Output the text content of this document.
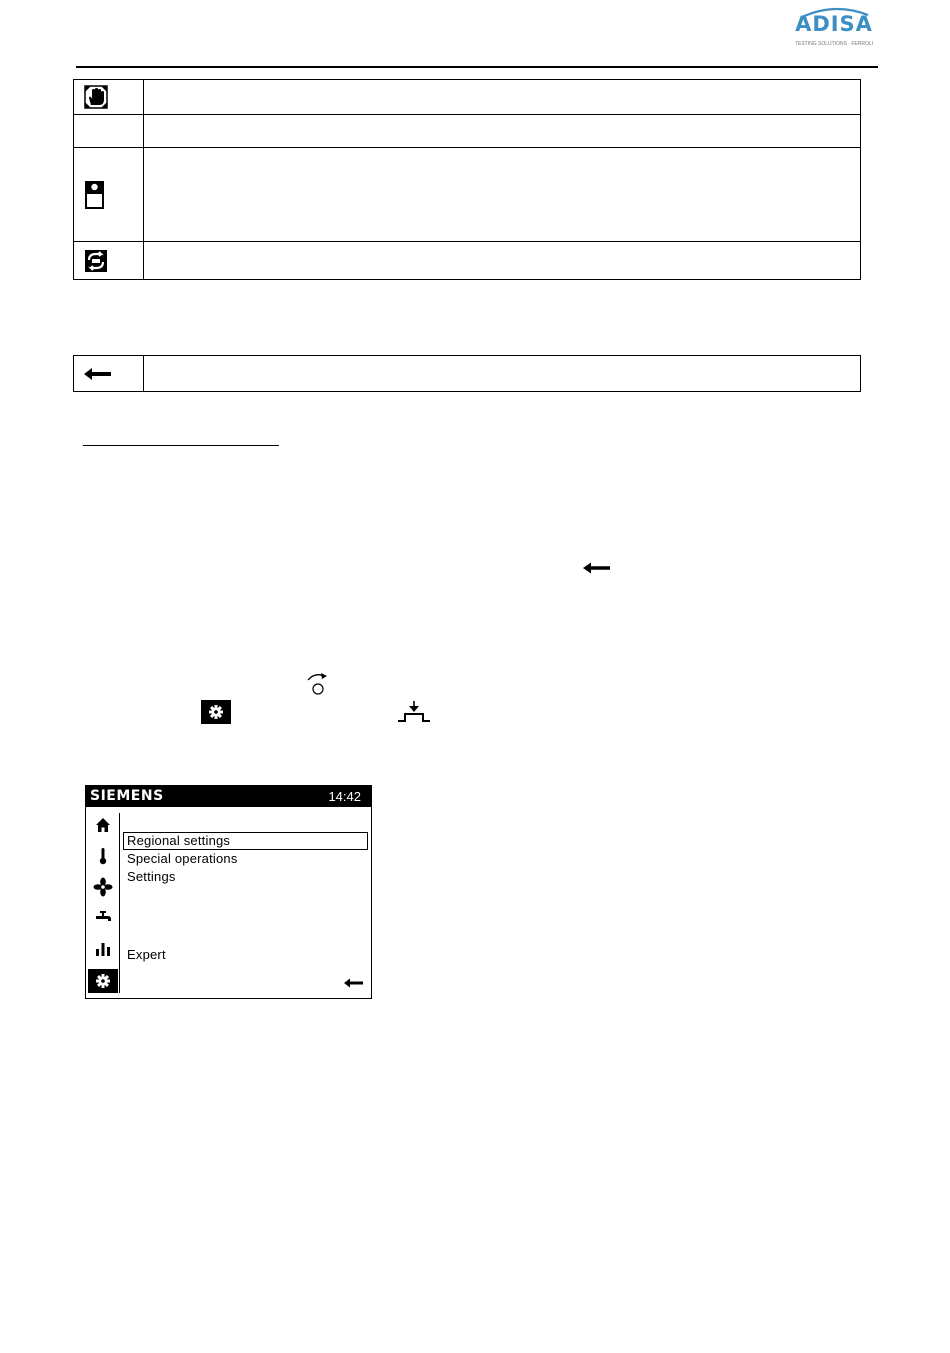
ADISA
TESTING SOLUTIONS · FERROLI

SIEMENS	14:42
Regional settings
Special operations
Settings
Expert
